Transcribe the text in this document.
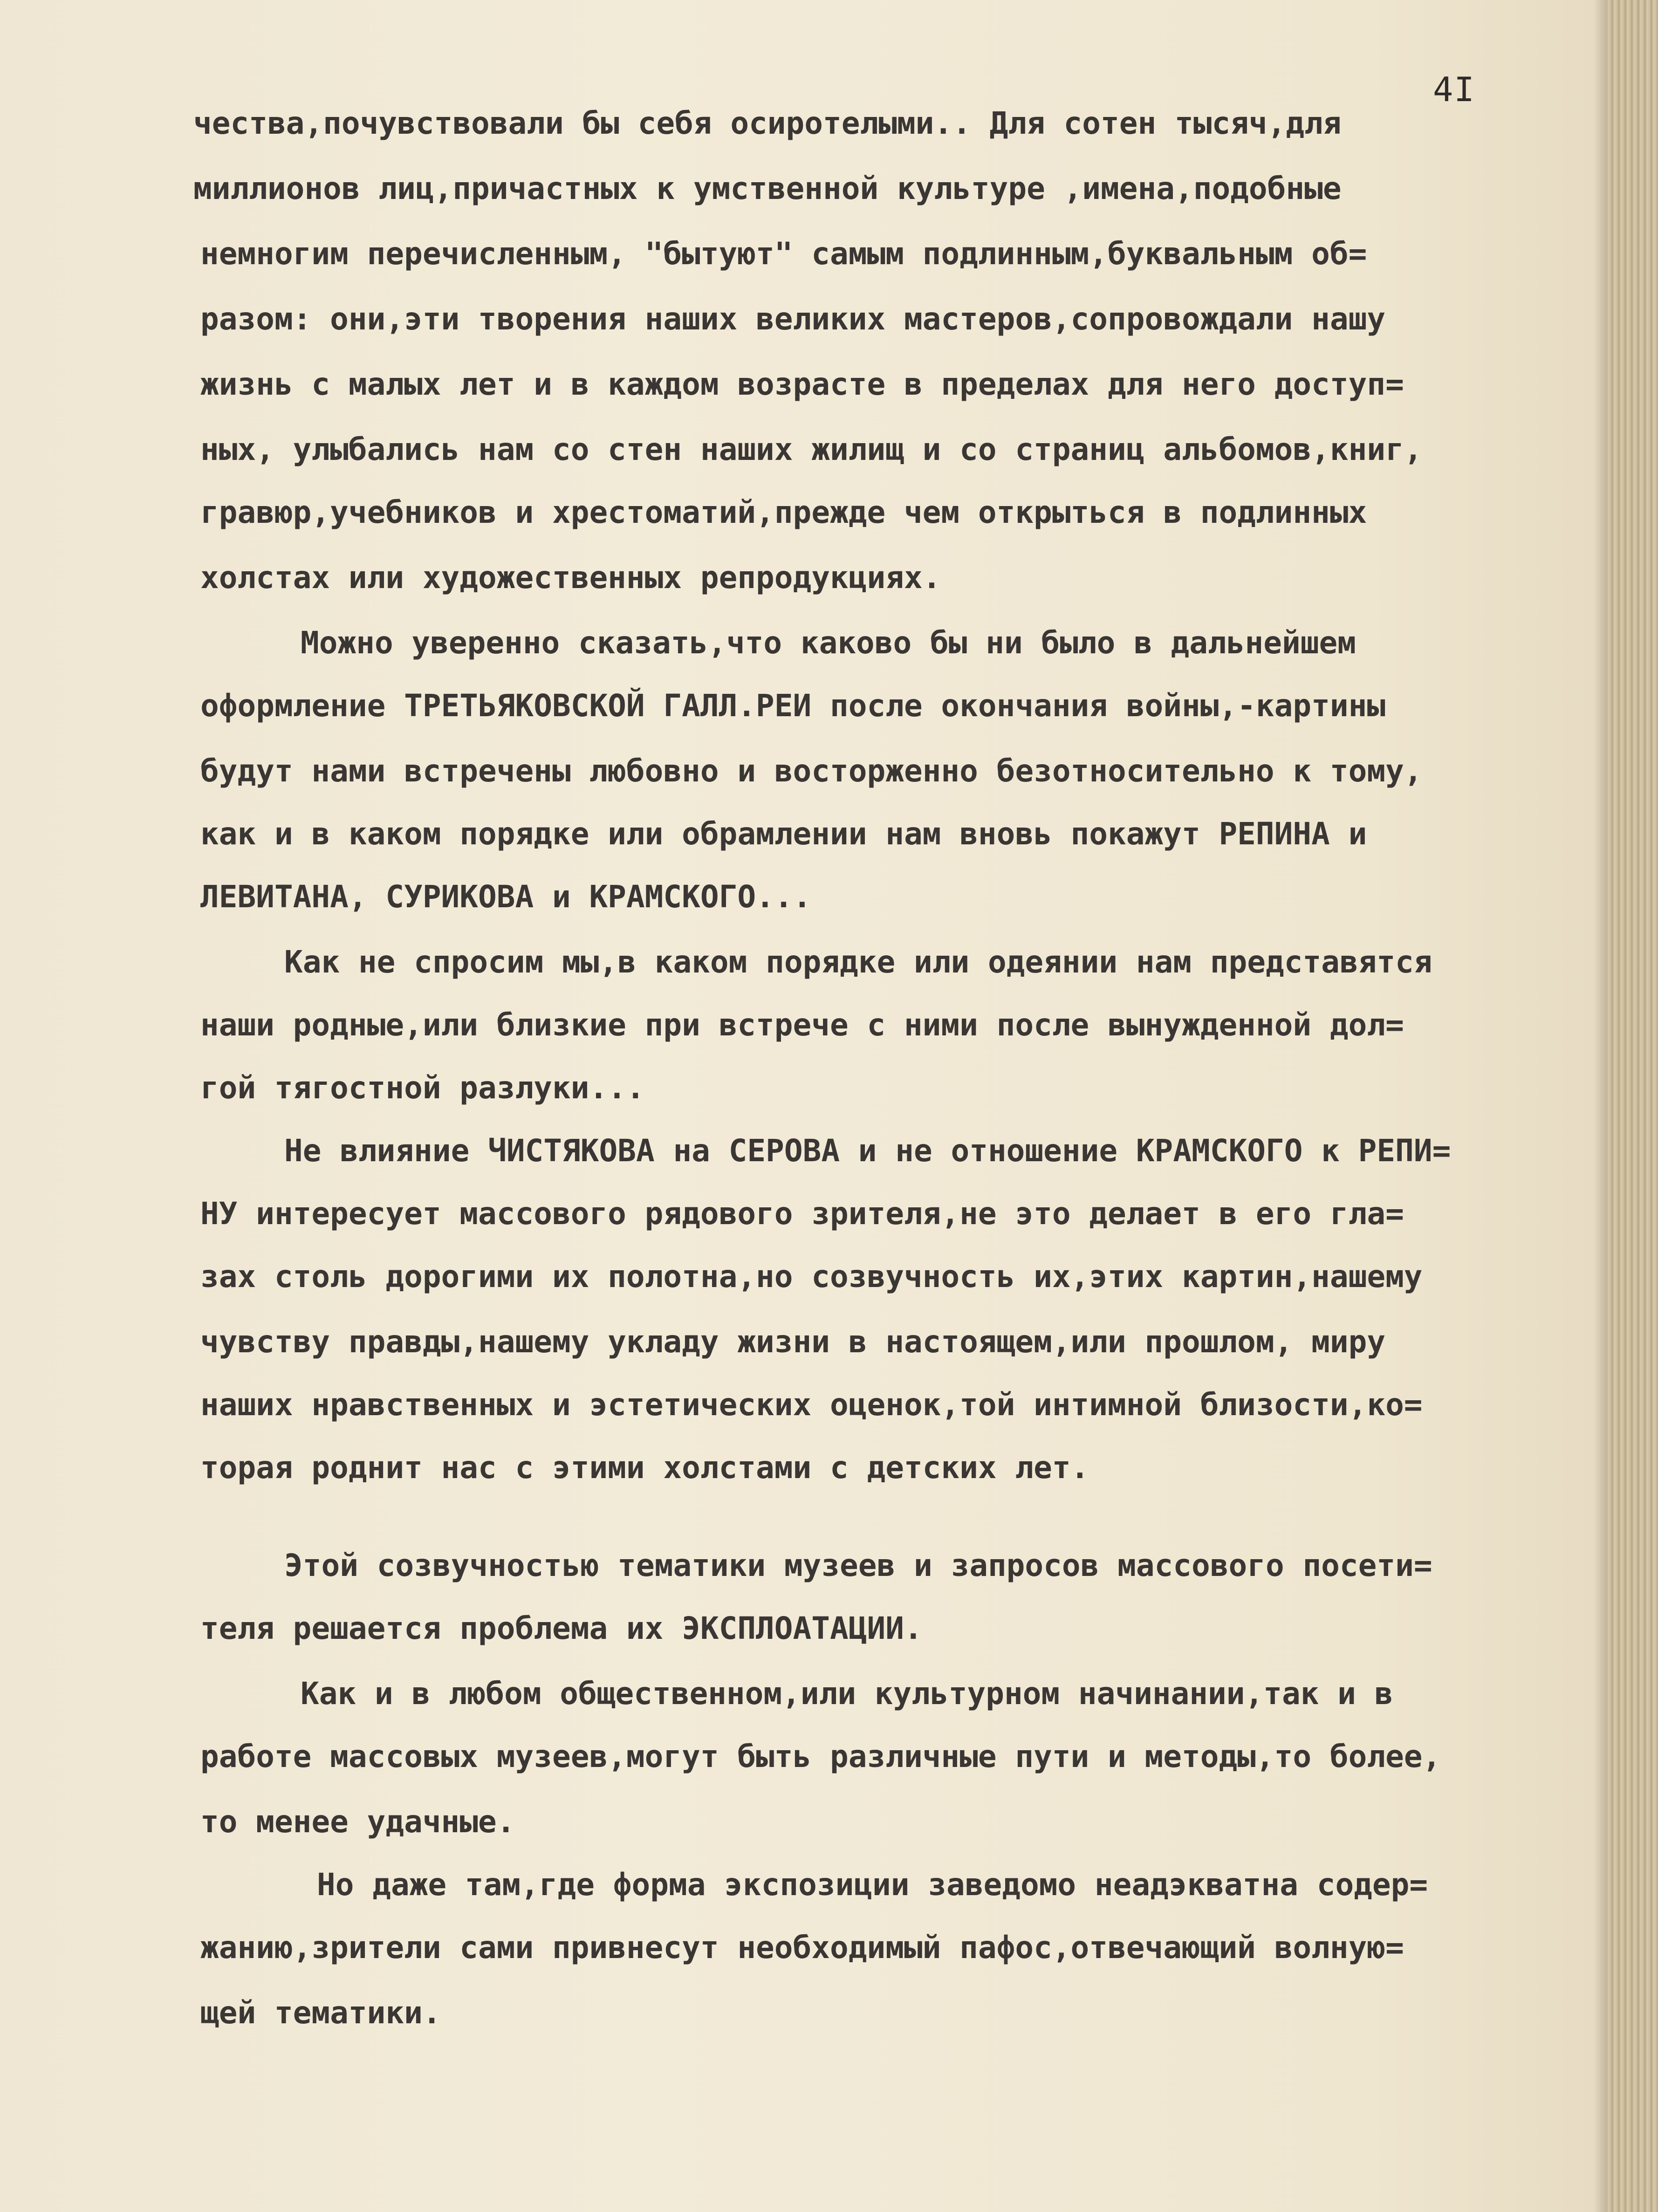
4I
чества,почувствовали бы себя осиротелыми.. Для сотен тысяч,для
миллионов лиц,причастных к умственной культуре ,имена,подобные
немногим перечисленным, "бытуют" самым подлинным,буквальным об=
разом: они,эти творения наших великих мастеров,сопровождали нашу
жизнь с малых лет и в каждом возрасте в пределах для него доступ=
ных, улыбались нам со стен наших жилищ и со страниц альбомов,книг,
гравюр,учебников и хрестоматий,прежде чем открыться в подлинных
холстах или художественных репродукциях.
Можно уверенно сказать,что каково бы ни было в дальнейшем
оформление ТРЕТЬЯКОВСКОЙ ГАЛЛ.РЕИ после окончания войны,-картины
будут нами встречены любовно и восторженно безотносительно к тому,
как и в каком порядке или обрамлении нам вновь покажут РЕПИНА и
ЛЕВИТАНА, СУРИКОВА и КРАМСКОГО...
Как не спросим мы,в каком порядке или одеянии нам представятся
наши родные,или близкие при встрече с ними после вынужденной дол=
гой тягостной разлуки...
Не влияние ЧИСТЯКОВА на СЕРОВА и не отношение КРАМСКОГО к РЕПИ=
НУ интересует массового рядового зрителя,не это делает в его гла=
зах столь дорогими их полотна,но созвучность их,этих картин,нашему
чувству правды,нашему укладу жизни в настоящем,или прошлом, миру
наших нравственных и эстетических оценок,той интимной близости,ко=
торая роднит нас с этими холстами с детских лет.
Этой созвучностью тематики музеев и запросов массового посети=
теля решается проблема их ЭКСПЛОАТАЦИИ.
Как и в любом общественном,или культурном начинании,так и в
работе массовых музеев,могут быть различные пути и методы,то более,
то менее удачные.
Но даже там,где форма экспозиции заведомо неадэкватна содер=
жанию,зрители сами привнесут необходимый пафос,отвечающий волную=
щей тематики.
